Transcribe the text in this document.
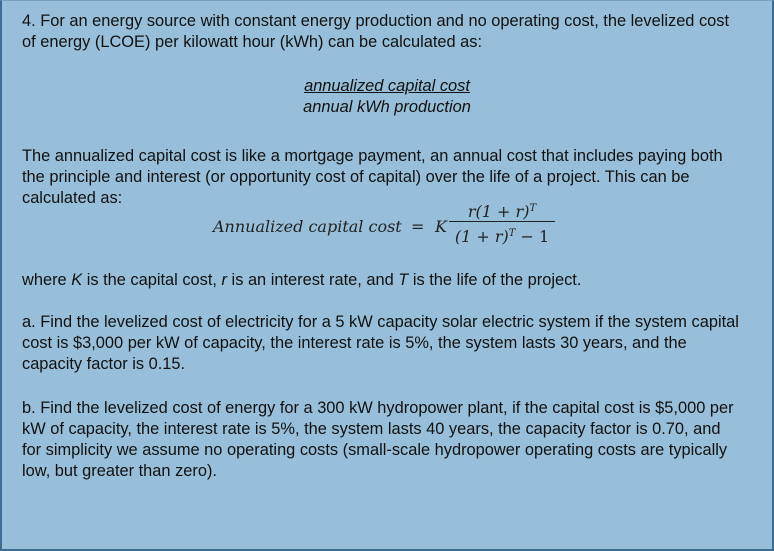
4. For an energy source with constant energy production and no operating cost, the levelized cost of energy (LCOE) per kilowatt hour (kWh) can be calculated as:

annualized capital cost
annual kWh production

The annualized capital cost is like a mortgage payment, an annual cost that includes paying both the principle and interest (or opportunity cost of capital) over the life of a project. This can be calculated as:

Annualized capital cost = K
$r(1 + r)^T$
$(1 + r)^T - 1$

where K is the capital cost, r is an interest rate, and T is the life of the project.

a. Find the levelized cost of electricity for a 5 kW capacity solar electric system if the system capital cost is $3,000 per kW of capacity, the interest rate is 5%, the system lasts 30 years, and the capacity factor is 0.15.

b. Find the levelized cost of energy for a 300 kW hydropower plant, if the capital cost is $5,000 per kW of capacity, the interest rate is 5%, the system lasts 40 years, the capacity factor is 0.70, and for simplicity we assume no operating costs (small-scale hydropower operating costs are typically low, but greater than zero).
